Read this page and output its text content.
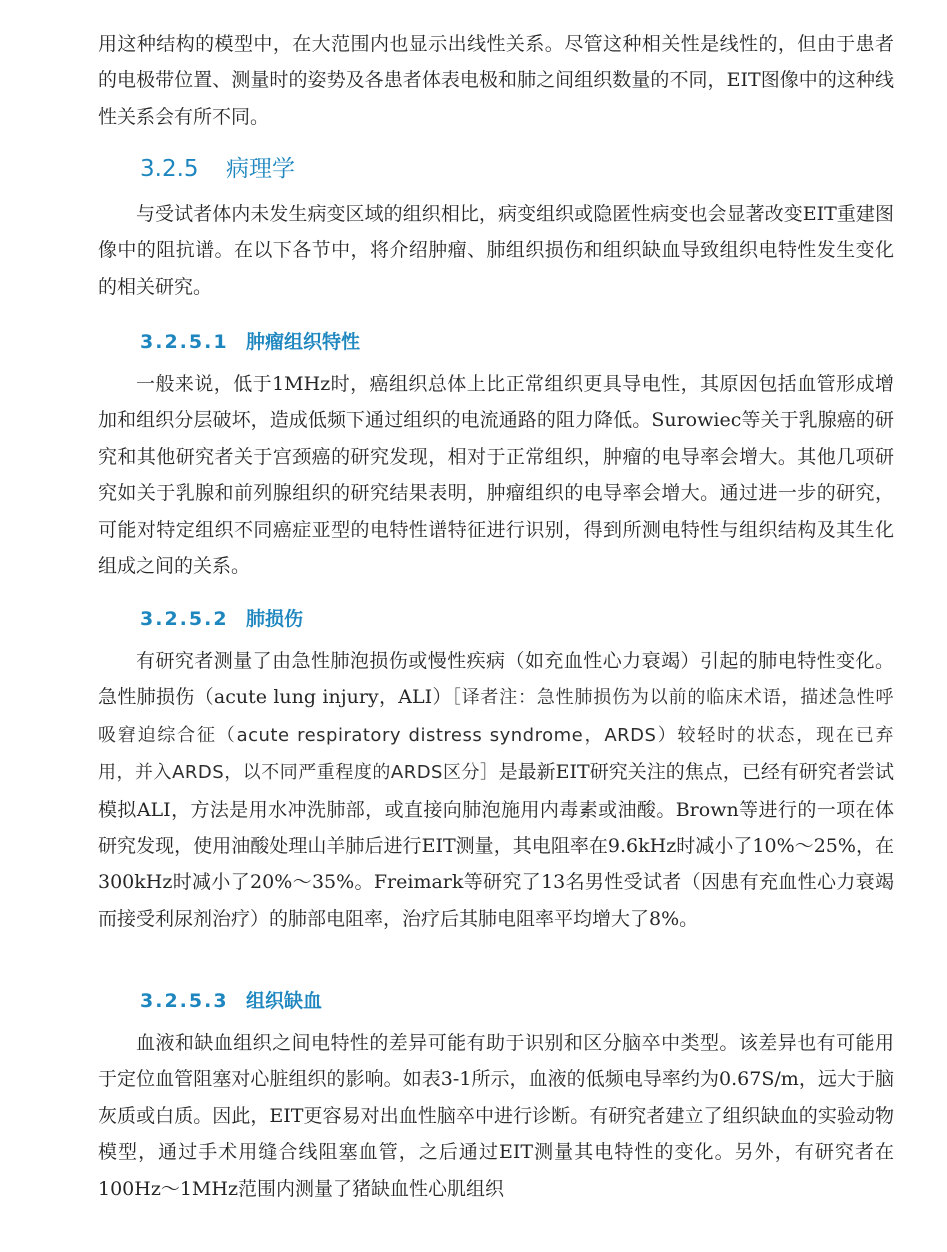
用这种结构的模型中，在大范围内也显示出线性关系。尽管这种相关性是线性的，但由于患者的电极带位置、测量时的姿势及各患者体表电极和肺之间组织数量的不同，EIT图像中的这种线性关系会有所不同。

3.2.5 病理学

与受试者体内未发生病变区域的组织相比，病变组织或隐匿性病变也会显著改变EIT重建图像中的阻抗谱。在以下各节中，将介绍肿瘤、肺组织损伤和组织缺血导致组织电特性发生变化的相关研究。

3.2.5.1 肿瘤组织特性

一般来说，低于1MHz时，癌组织总体上比正常组织更具导电性，其原因包括血管形成增加和组织分层破坏，造成低频下通过组织的电流通路的阻力降低。Surowiec等关于乳腺癌的研究和其他研究者关于宫颈癌的研究发现，相对于正常组织，肿瘤的电导率会增大。其他几项研究如关于乳腺和前列腺组织的研究结果表明，肿瘤组织的电导率会增大。通过进一步的研究，可能对特定组织不同癌症亚型的电特性谱特征进行识别，得到所测电特性与组织结构及其生化组成之间的关系。

3.2.5.2 肺损伤

有研究者测量了由急性肺泡损伤或慢性疾病（如充血性心力衰竭）引起的肺电特性变化。急性肺损伤（acute lung injury，ALI）［译者注：急性肺损伤为以前的临床术语，描述急性呼吸窘迫综合征（acute respiratory distress syndrome，ARDS）较轻时的状态，现在已弃用，并入ARDS，以不同严重程度的ARDS区分］是最新EIT研究关注的焦点，已经有研究者尝试模拟ALI，方法是用水冲洗肺部，或直接向肺泡施用内毒素或油酸。Brown等进行的一项在体研究发现，使用油酸处理山羊肺后进行EIT测量，其电阻率在9.6kHz时减小了10%～25%，在300kHz时减小了20%～35%。Freimark等研究了13名男性受试者（因患有充血性心力衰竭而接受利尿剂治疗）的肺部电阻率，治疗后其肺电阻率平均增大了8%。

3.2.5.3 组织缺血

血液和缺血组织之间电特性的差异可能有助于识别和区分脑卒中类型。该差异也有可能用于定位血管阻塞对心脏组织的影响。如表3-1所示，血液的低频电导率约为0.67S/m，远大于脑灰质或白质。因此，EIT更容易对出血性脑卒中进行诊断。有研究者建立了组织缺血的实验动物模型，通过手术用缝合线阻塞血管，之后通过EIT测量其电特性的变化。另外，有研究者在100Hz～1MHz范围内测量了猪缺血性心肌组织
